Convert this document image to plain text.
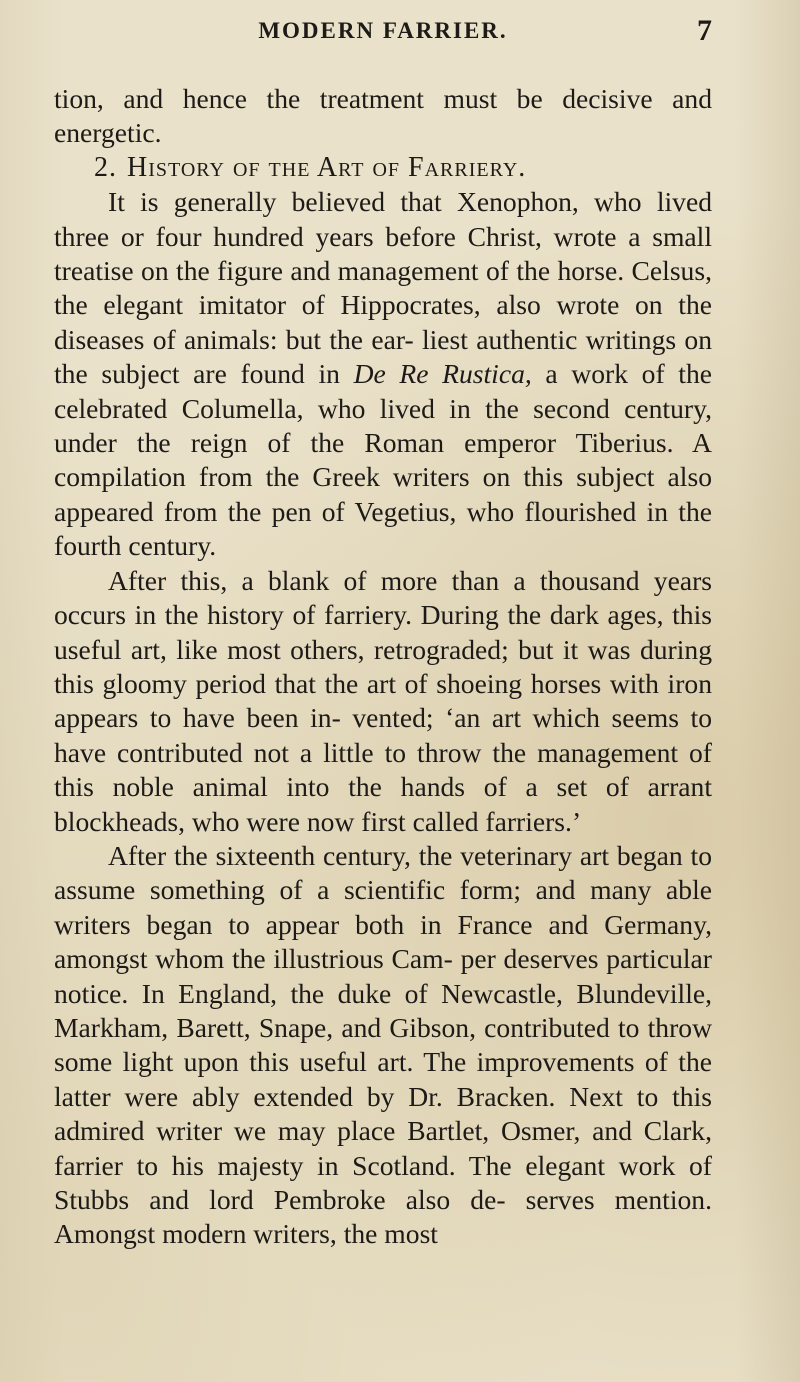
MODERN FARRIER.	7

tion, and hence the treatment must be decisive and energetic.

2. History of the Art of Farriery.

It is generally believed that Xenophon, who lived three or four hundred years before Christ, wrote a small treatise on the figure and management of the horse. Celsus, the elegant imitator of Hippocrates, also wrote on the diseases of animals: but the ear- liest authentic writings on the subject are found in De Re Rustica, a work of the celebrated Columella, who lived in the second century, under the reign of the Roman emperor Tiberius. A compilation from the Greek writers on this subject also appeared from the pen of Vegetius, who flourished in the fourth century.

After this, a blank of more than a thousand years occurs in the history of farriery. During the dark ages, this useful art, like most others, retrograded; but it was during this gloomy period that the art of shoeing horses with iron appears to have been in- vented; ‘an art which seems to have contributed not a little to throw the management of this noble animal into the hands of a set of arrant blockheads, who were now first called farriers.’

After the sixteenth century, the veterinary art began to assume something of a scientific form; and many able writers began to appear both in France and Germany, amongst whom the illustrious Cam- per deserves particular notice. In England, the duke of Newcastle, Blundeville, Markham, Barett, Snape, and Gibson, contributed to throw some light upon this useful art. The improvements of the latter were ably extended by Dr. Bracken. Next to this admired writer we may place Bartlet, Osmer, and Clark, farrier to his majesty in Scotland. The elegant work of Stubbs and lord Pembroke also de- serves mention. Amongst modern writers, the most
